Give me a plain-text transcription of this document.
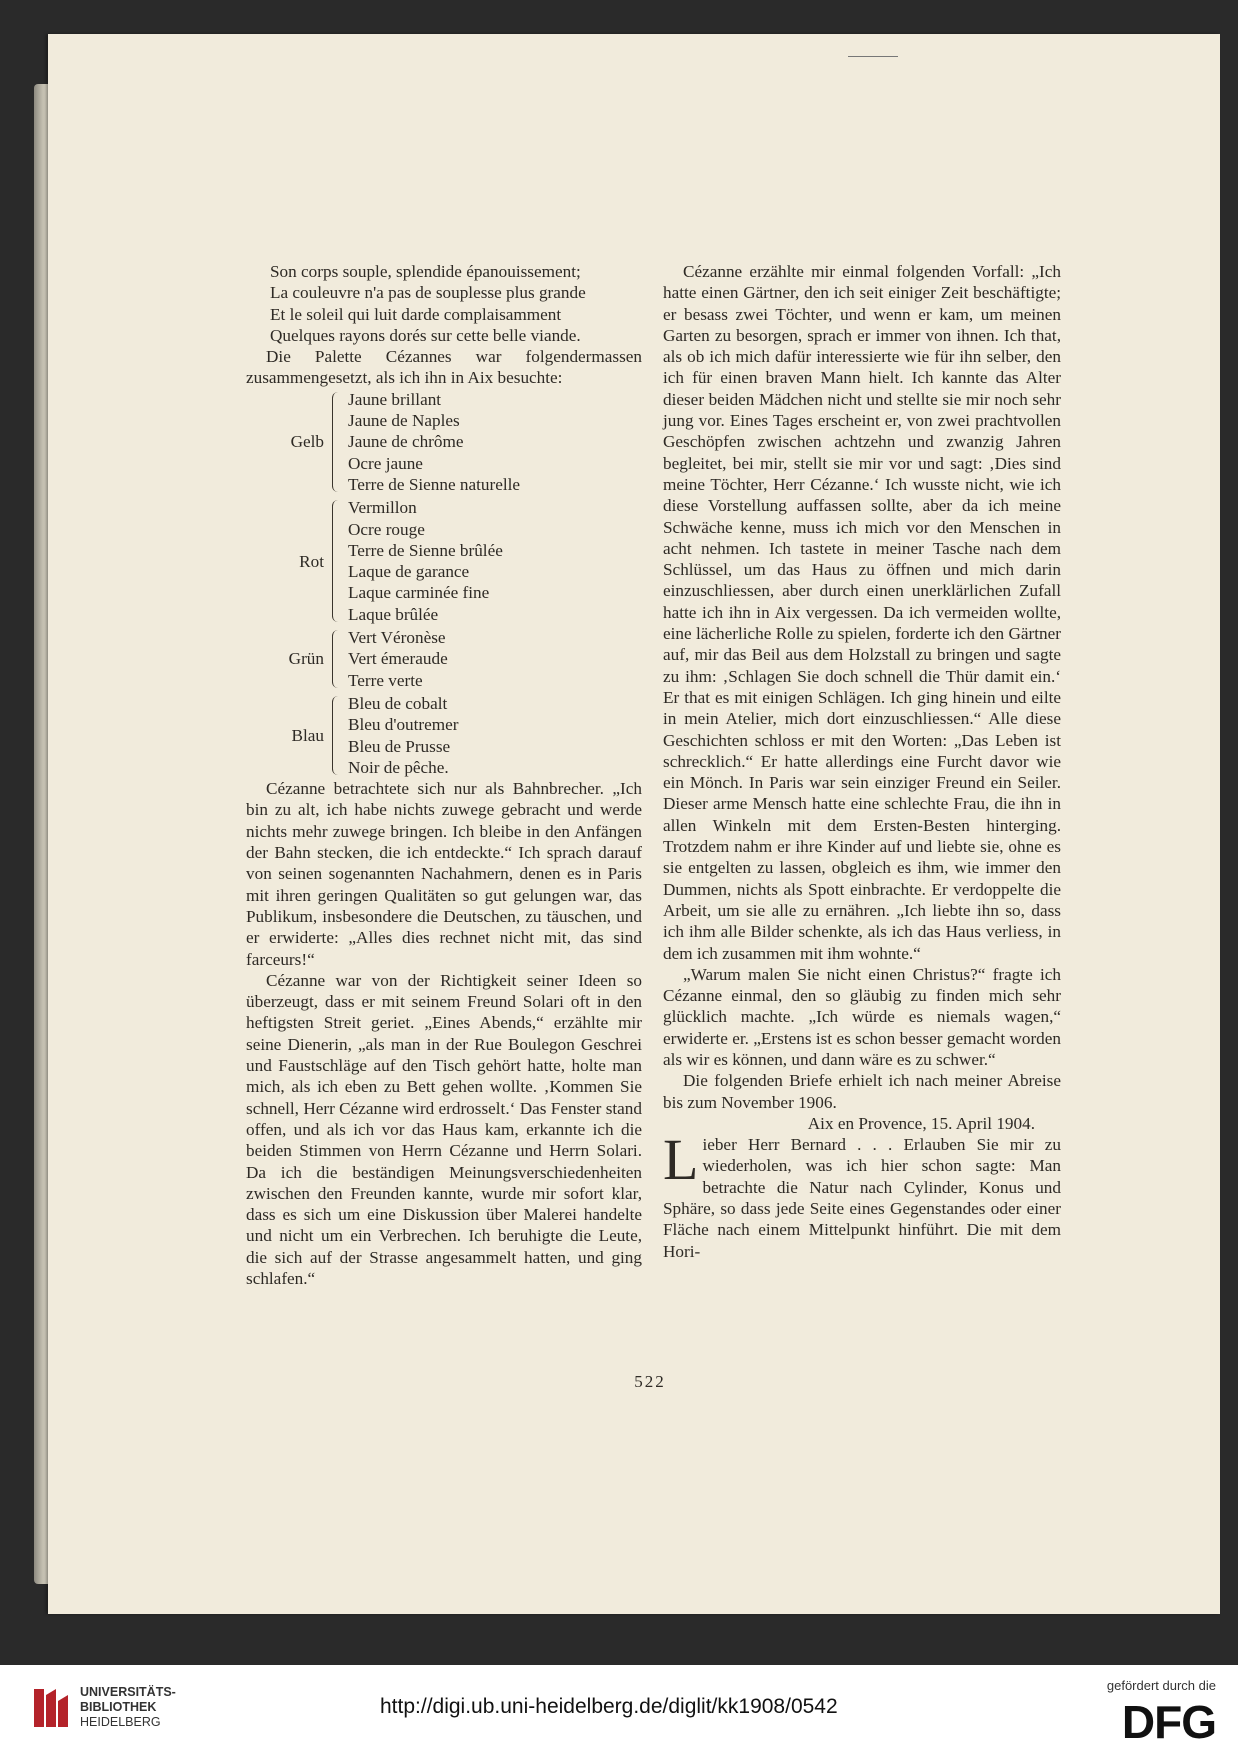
Son corps souple, splendide épanouissement;
La couleuvre n'a pas de souplesse plus grande
Et le soleil qui luit darde complaisamment
Quelques rayons dorés sur cette belle viande.

Die Palette Cézannes war folgendermassen zusammengesetzt, als ich ihn in Aix besuchte:

Gelb
Jaune brillant
Jaune de Naples
Jaune de chrôme
Ocre jaune
Terre de Sienne naturelle
Rot
Vermillon
Ocre rouge
Terre de Sienne brûlée
Laque de garance
Laque carminée fine
Laque brûlée
Grün
Vert Véronèse
Vert émeraude
Terre verte
Blau
Bleu de cobalt
Bleu d'outremer
Bleu de Prusse
Noir de pêche.

Cézanne betrachtete sich nur als Bahnbrecher. „Ich bin zu alt, ich habe nichts zuwege gebracht und werde nichts mehr zuwege bringen. Ich bleibe in den Anfängen der Bahn stecken, die ich entdeckte.“ Ich sprach darauf von seinen sogenannten Nachahmern, denen es in Paris mit ihren geringen Qualitäten so gut gelungen war, das Publikum, insbesondere die Deutschen, zu täuschen, und er erwiderte: „Alles dies rechnet nicht mit, das sind farceurs!“

Cézanne war von der Richtigkeit seiner Ideen so überzeugt, dass er mit seinem Freund Solari oft in den heftigsten Streit geriet. „Eines Abends,“ erzählte mir seine Dienerin, „als man in der Rue Boulegon Geschrei und Faustschläge auf den Tisch gehört hatte, holte man mich, als ich eben zu Bett gehen wollte. ‚Kommen Sie schnell, Herr Cézanne wird erdrosselt.‘ Das Fenster stand offen, und als ich vor das Haus kam, erkannte ich die beiden Stimmen von Herrn Cézanne und Herrn Solari. Da ich die beständigen Meinungsverschiedenheiten zwischen den Freunden kannte, wurde mir sofort klar, dass es sich um eine Diskussion über Malerei handelte und nicht um ein Verbrechen. Ich beruhigte die Leute, die sich auf der Strasse angesammelt hatten, und ging schlafen.“

Cézanne erzählte mir einmal folgenden Vorfall: „Ich hatte einen Gärtner, den ich seit einiger Zeit beschäftigte; er besass zwei Töchter, und wenn er kam, um meinen Garten zu besorgen, sprach er immer von ihnen. Ich that, als ob ich mich dafür interessierte wie für ihn selber, den ich für einen braven Mann hielt. Ich kannte das Alter dieser beiden Mädchen nicht und stellte sie mir noch sehr jung vor. Eines Tages erscheint er, von zwei prachtvollen Geschöpfen zwischen achtzehn und zwanzig Jahren begleitet, bei mir, stellt sie mir vor und sagt: ‚Dies sind meine Töchter, Herr Cézanne.‘ Ich wusste nicht, wie ich diese Vorstellung auffassen sollte, aber da ich meine Schwäche kenne, muss ich mich vor den Menschen in acht nehmen. Ich tastete in meiner Tasche nach dem Schlüssel, um das Haus zu öffnen und mich darin einzuschliessen, aber durch einen unerklärlichen Zufall hatte ich ihn in Aix vergessen. Da ich vermeiden wollte, eine lächerliche Rolle zu spielen, forderte ich den Gärtner auf, mir das Beil aus dem Holzstall zu bringen und sagte zu ihm: ‚Schlagen Sie doch schnell die Thür damit ein.‘ Er that es mit einigen Schlägen. Ich ging hinein und eilte in mein Atelier, mich dort einzuschliessen.“ Alle diese Geschichten schloss er mit den Worten: „Das Leben ist schrecklich.“ Er hatte allerdings eine Furcht davor wie ein Mönch. In Paris war sein einziger Freund ein Seiler. Dieser arme Mensch hatte eine schlechte Frau, die ihn in allen Winkeln mit dem Ersten-Besten hinterging. Trotzdem nahm er ihre Kinder auf und liebte sie, ohne es sie entgelten zu lassen, obgleich es ihm, wie immer den Dummen, nichts als Spott einbrachte. Er verdoppelte die Arbeit, um sie alle zu ernähren. „Ich liebte ihn so, dass ich ihm alle Bilder schenkte, als ich das Haus verliess, in dem ich zusammen mit ihm wohnte.“

„Warum malen Sie nicht einen Christus?“ fragte ich Cézanne einmal, den so gläubig zu finden mich sehr glücklich machte. „Ich würde es niemals wagen,“ erwiderte er. „Erstens ist es schon besser gemacht worden als wir es können, und dann wäre es zu schwer.“

Die folgenden Briefe erhielt ich nach meiner Abreise bis zum November 1906.

Aix en Provence, 15. April 1904.

Lieber Herr Bernard . . . Erlauben Sie mir zu wiederholen, was ich hier schon sagte: Man betrachte die Natur nach Cylinder, Konus und Sphäre, so dass jede Seite eines Gegenstandes oder einer Fläche nach einem Mittelpunkt hinführt. Die mit dem Hori-

522
UNIVERSITÄTS-
BIBLIOTHEK
HEIDELBERG
http://digi.ub.uni-heidelberg.de/diglit/kk1908/0542
gefördert durch die
DFG
